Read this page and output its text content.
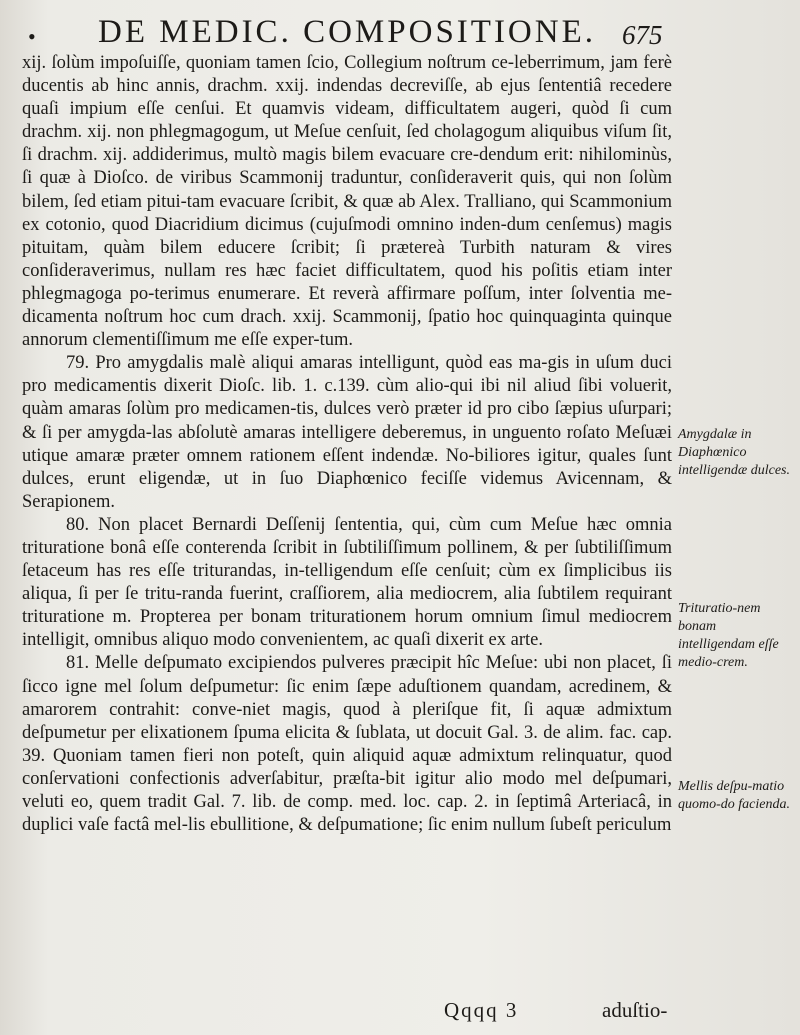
• DE MEDIC. COMPOSITIONE. 675

xij. ſolùm impoſuiſſe, quoniam tamen ſcio, Collegium noſtrum ce-leberrimum, jam ferè ducentis ab hinc annis, drachm. xxij. indendas decreviſſe, ab ejus ſententiâ recedere quaſi impium eſſe cenſui. Et quamvis videam, difficultatem augeri, quòd ſi cum drachm. xij. non phlegmagogum, ut Meſue cenſuit, ſed cholagogum aliquibus viſum ſit, ſi drachm. xij. addiderimus, multò magis bilem evacuare cre-dendum erit: nihilominùs, ſi quæ à Dioſco. de viribus Scammonij traduntur, conſideraverit quis, qui non ſolùm bilem, ſed etiam pitui-tam evacuare ſcribit, & quæ ab Alex. Tralliano, qui Scammonium ex cotonio, quod Diacridium dicimus (cujuſmodi omnino inden-dum cenſemus) magis pituitam, quàm bilem educere ſcribit; ſi prætereà Turbith naturam & vires conſideraverimus, nullam res hæc faciet difficultatem, quod his poſitis etiam inter phlegmagoga po-terimus enumerare. Et reverà affirmare poſſum, inter ſolventia me-dicamenta noſtrum hoc cum drach. xxij. Scammonij, ſpatio hoc quinquaginta quinque annorum clementiſſimum me eſſe exper-tum.

79. Pro amygdalis malè aliqui amaras intelligunt, quòd eas ma-gis in uſum duci pro medicamentis dixerit Dioſc. lib. 1. c.139. cùm alio-qui ibi nil aliud ſibi voluerit, quàm amaras ſolùm pro medicamen-tis, dulces verò præter id pro cibo ſæpius uſurpari; & ſi per amygda-las abſolutè amaras intelligere deberemus, in unguento roſato Meſuæi utique amaræ præter omnem rationem eſſent indendæ. No-biliores igitur, quales ſunt dulces, erunt eligendæ, ut in ſuo Diaphœnico feciſſe videmus Avicennam, & Serapionem.

80. Non placet Bernardi Deſſenij ſententia, qui, cùm cum Meſue hæc omnia trituratione bonâ eſſe conterenda ſcribit in ſubtiliſſimum pollinem, & per ſubtiliſſimum ſetaceum has res eſſe triturandas, in-telligendum eſſe cenſuit; cùm ex ſimplicibus iis aliqua, ſi per ſe tritu-randa fuerint, craſſiorem, alia mediocrem, alia ſubtilem requirant trituratione m. Propterea per bonam triturationem horum omnium ſimul mediocrem intelligit, omnibus aliquo modo convenientem, ac quaſi dixerit ex arte.

81. Melle deſpumato excipiendos pulveres præcipit hîc Meſue: ubi non placet, ſi ſicco igne mel ſolum deſpumetur: ſic enim ſæpe aduſtionem quandam, acredinem, & amarorem contrahit: conve-niet magis, quod à pleriſque fit, ſi aquæ admixtum deſpumetur per elixationem ſpuma elicita & ſublata, ut docuit Gal. 3. de alim. fac. cap. 39. Quoniam tamen fieri non poteſt, quin aliquid aquæ admixtum relinquatur, quod conſervationi confectionis adverſabitur, præſta-bit igitur alio modo mel deſpumari, veluti eo, quem tradit Gal. 7. lib. de comp. med. loc. cap. 2. in ſeptimâ Arteriacâ, in duplici vaſe factâ mel-lis ebullitione, & deſpumatione; ſic enim nullum ſubeſt periculum

Amygdalæ in Diaphœnico intelligendæ dulces.
Trituratio-nem bonam intelligendam eſſe medio-crem.
Mellis deſpu-matio quomo-do facienda.
Qqqq 3	aduſtio-
